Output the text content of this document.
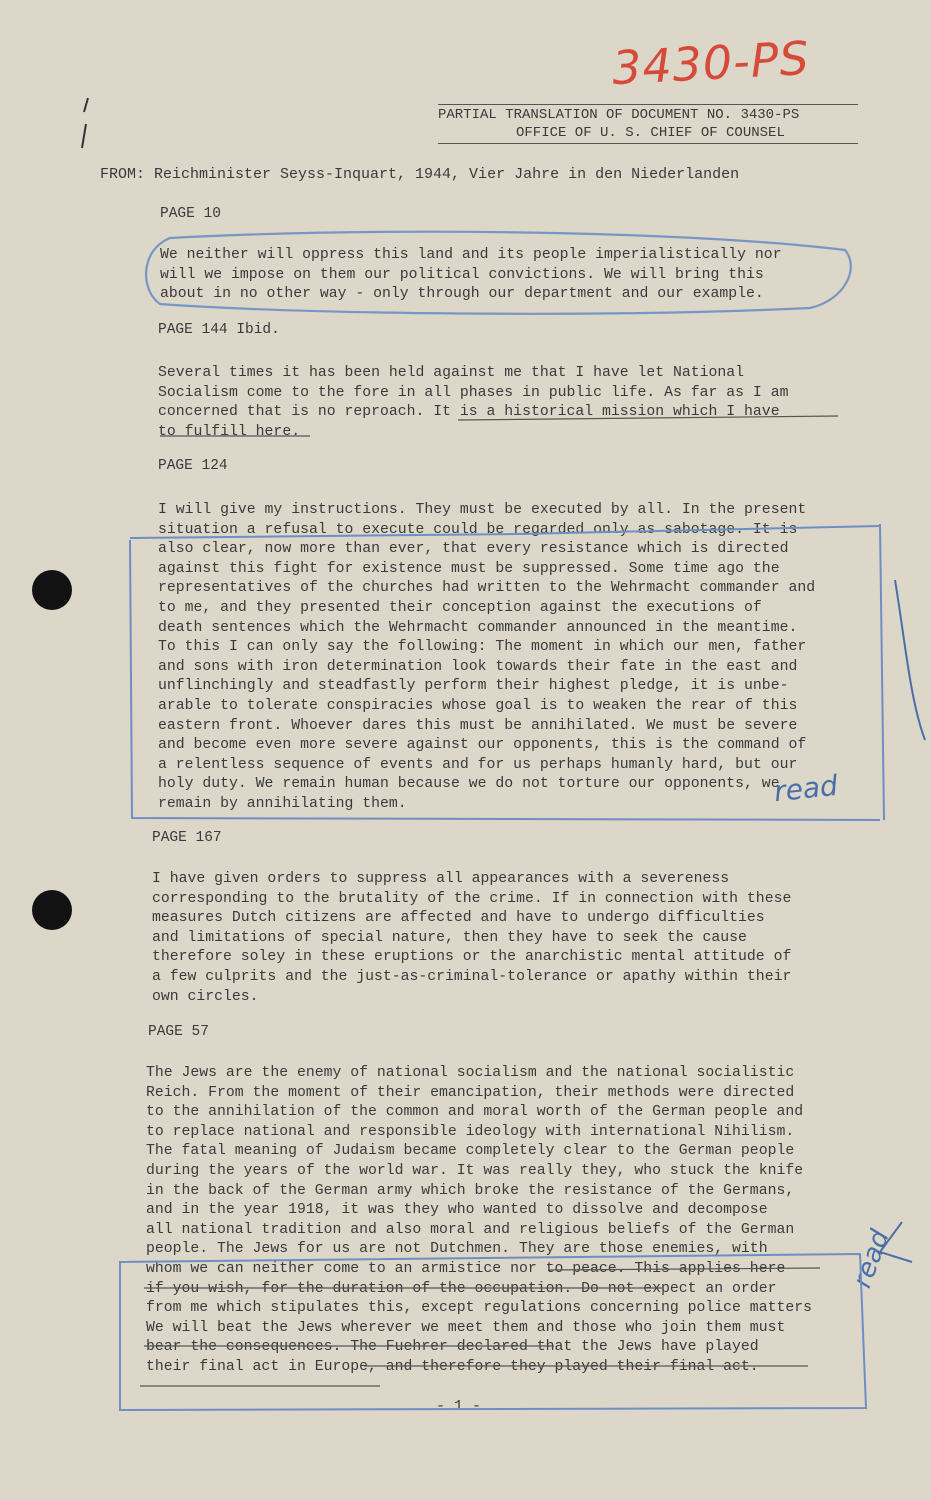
3430-PS
PARTIAL TRANSLATION OF DOCUMENT NO. 3430-PS
OFFICE OF U. S. CHIEF OF COUNSEL
FROM: Reichminister Seyss-Inquart, 1944, Vier Jahre in den Niederlanden
PAGE 10
We neither will oppress this land and its people imperialistically nor
will we impose on them our political convictions. We will bring this
about in no other way - only through our department and our example.
PAGE 144 Ibid.
Several times it has been held against me that I have let National
Socialism come to the fore in all phases in public life. As far as I am
concerned that is no reproach. It is a historical mission which I have
to fulfill here.
PAGE 124
I will give my instructions. They must be executed by all. In the present
situation a refusal to execute could be regarded only as sabotage. It is
also clear, now more than ever, that every resistance which is directed
against this fight for existence must be suppressed. Some time ago the
representatives of the churches had written to the Wehrmacht commander and
to me, and they presented their conception against the executions of
death sentences which the Wehrmacht commander announced in the meantime.
To this I can only say the following: The moment in which our men, father
and sons with iron determination look towards their fate in the east and
unflinchingly and steadfastly perform their highest pledge, it is unbe-
arable to tolerate conspiracies whose goal is to weaken the rear of this
eastern front. Whoever dares this must be annihilated. We must be severe
and become even more severe against our opponents, this is the command of
a relentless sequence of events and for us perhaps humanly hard, but our
holy duty. We remain human because we do not torture our opponents, we
remain by annihilating them.
PAGE 167
I have given orders to suppress all appearances with a severeness
corresponding to the brutality of the crime. If in connection with these
measures Dutch citizens are affected and have to undergo difficulties
and limitations of special nature, then they have to seek the cause
therefore soley in these eruptions or the anarchistic mental attitude of
a few culprits and the just-as-criminal-tolerance or apathy within their
own circles.
PAGE 57
The Jews are the enemy of national socialism and the national socialistic
Reich. From the moment of their emancipation, their methods were directed
to the annihilation of the common and moral worth of the German people and
to replace national and responsible ideology with international Nihilism.
The fatal meaning of Judaism became completely clear to the German people
during the years of the world war. It was really they, who stuck the knife
in the back of the German army which broke the resistance of the Germans,
and in the year 1918, it was they who wanted to dissolve and decompose
all national tradition and also moral and religious beliefs of the German
people. The Jews for us are not Dutchmen. They are those enemies, with
whom we can neither come to an armistice nor to peace. This applies here
if you wish, for the duration of the occupation. Do not expect an order
from me which stipulates this, except regulations concerning police matters
We will beat the Jews wherever we meet them and those who join them must
bear the consequences. The Fuehrer declared that the Jews have played
their final act in Europe, and therefore they played their final act.
- 1 -
read
read
